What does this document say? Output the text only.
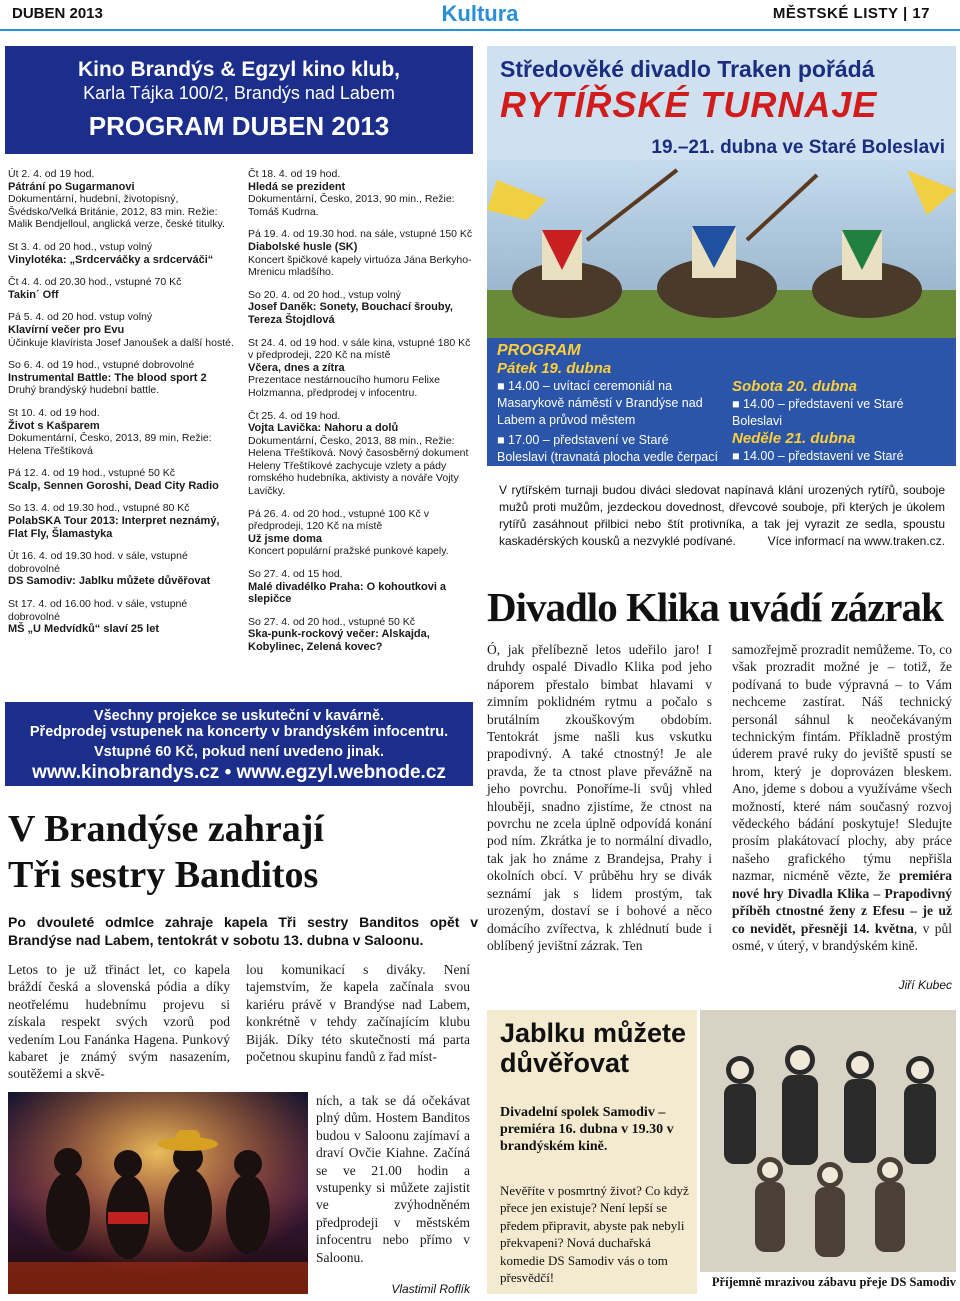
DUBEN 2013	Kultura	MĚSTSKÉ LISTY | 17
Kino Brandýs & Egzyl kino klub,
Karla Tájka 100/2, Brandýs nad Labem
PROGRAM DUBEN 2013
Út 2. 4. od 19 hod.
Pátrání po Sugarmanovi
Dokumentární, hudební, životopisný, Švédsko/Velká Británie, 2012, 83 min. Režie: Malik Bendjelloul, anglická verze, české titulky.
St 3. 4. od 20 hod., vstup volný
Vinylotéka: „Srdcerváčky a srdcerváči“
Čt 4. 4. od 20.30 hod., vstupné 70 Kč
Takin´ Off
Pá 5. 4. od 20 hod. vstup volný
Klavírní večer pro Evu
Účinkuje klavírista Josef Janoušek a další hosté.
So 6. 4. od 19 hod., vstupné dobrovolné
Instrumental Battle: The blood sport 2
Druhý brandýský hudební battle.
St 10. 4. od 19 hod.
Život s Kašparem
Dokumentární, Česko, 2013, 89 min, Režie: Helena Třeštíková
Pá 12. 4. od 19 hod., vstupné 50 Kč
Scalp, Sennen Goroshi, Dead City Radio
So 13. 4. od 19.30 hod., vstupné 80 Kč
PolabSKA Tour 2013: Interpret neznámý, Flat Fly, Šlamastyka
Út 16. 4. od 19.30 hod. v sále, vstupné dobrovolné
DS Samodiv: Jablku můžete důvěřovat
St 17. 4. od 16.00 hod. v sále, vstupné dobrovolné
MŠ „U Medvídků“ slaví 25 let
Čt 18. 4. od 19 hod.
Hledá se prezident
Dokumentární, Česko, 2013, 90 min., Režie: Tomáš Kudrna.
Pá 19. 4. od 19.30 hod. na sále, vstupné 150 Kč
Diabolské husle (SK)
Koncert špičkové kapely virtuóza Jána Berkyho-Mrenicu mladšího.
So 20. 4. od 20 hod., vstup volný
Josef Daněk: Sonety, Bouchací šrouby, Tereza Štojdlová
St 24. 4. od 19 hod. v sále kina, vstupné 180 Kč v předprodeji, 220 Kč na místě
Včera, dnes a zítra
Prezentace nestárnoucího humoru Felixe Holzmanna, předprodej v infocentru.
Čt 25. 4. od 19 hod.
Vojta Lavička: Nahoru a dolů
Dokumentární, Česko, 2013, 88 min., Režie: Helena Třeštíková. Nový časosběrný dokument Heleny Třeštíkové zachycuje vzlety a pády romského hudebníka, aktivisty a nováře Vojty Lavičky.
Pá 26. 4. od 20 hod., vstupné 100 Kč v předprodeji, 120 Kč na místě
Už jsme doma
Koncert populární pražské punkové kapely.
So 27. 4. od 15 hod.
Malé divadélko Praha: O kohoutkovi a slepičce
So 27. 4. od 20 hod., vstupné 50 Kč
Ska-punk-rockový večer: Alskajda, Kobylinec, Zelená kovec?
Všechny projekce se uskuteční v kavárně.
Předprodej vstupenek na koncerty v brandýském infocentru.
Vstupné 60 Kč, pokud není uvedeno jinak.
www.kinobrandys.cz • www.egzyl.webnode.cz
V Brandýse zahrají
Tři sestry Banditos
Po dvouleté odmlce zahraje kapela Tři sestry Banditos opět v Brandýse nad Labem, tentokrát v sobotu 13. dubna v Saloonu.
Letos to je už třináct let, co kapela bráždí česká a slovenská pódia a díky neotřelému hudebnímu projevu si získala respekt svých vzorů pod vedením Lou Fanánka Hagena. Punkový kabaret je známý svým nasazením, soutěžemi a skvě-
lou komunikací s diváky. Není tajemstvím, že kapela začínala svou kariéru právě v Brandýse nad Labem, konkrétně v tehdy začínajícím klubu Biják. Díky této skutečnosti má parta početnou skupinu fandů z řad míst-
ních, a tak se dá očekávat plný dům. Hostem Banditos budou v Saloonu zajímaví a draví Ovčie Kiahne. Začíná se ve 21.00 hodin a vstupenky si můžete zajistit ve zvýhodněném předprodeji v městském infocentru nebo přímo v Saloonu.
Vlastimil Roflík
Středověké divadlo Traken pořádá
RYTÍŘSKÉ TURNAJE
19.–21. dubna ve Staré Boleslavi
PROGRAM
Pátek 19. dubna
■ 14.00 – uvítací ceremoniál na Masarykově náměstí v Brandýse nad Labem a průvod městem
■ 17.00 – představení ve Staré Boleslavi (travnatá plocha vedle čerpací stanice)
Sobota 20. dubna
■ 14.00 – představení ve Staré Boleslavi
Neděle 21. dubna
■ 14.00 – představení ve Staré Boleslavi
V rytířském turnaji budou diváci sledovat napínavá klání urozených rytířů, souboje mužů proti mužům, jezdeckou dovednost, dřevcové souboje, při kterých je úkolem rytířů zasáhnout přilbici nebo štít protivníka, a tak jej vyrazit ze sedla, spoustu kaskadérských kousků a nezvyklé podívané.	Více informací na www.traken.cz.
Divadlo Klika uvádí zázrak
Ó, jak přelíbezně letos udeřilo jaro! I druhdy ospalé Divadlo Klika pod jeho náporem přestalo bimbat hlavami v zimním poklidném rytmu a počalo s brutálním zkouškovým obdobím. Tentokrát jsme našli kus vskutku prapodivný. A také ctnostný! Je ale pravda, že ta ctnost plave převážně na jeho povrchu. Ponoříme-li svůj vhled hlouběji, snadno zjistíme, že ctnost na povrchu ne zcela úplně odpovídá konání pod ním. Zkrátka je to normální divadlo, tak jak ho známe z Brandejsa, Prahy i okolních obcí. V průběhu hry se divák seznámí jak s lidem prostým, tak urozeným, dostaví se i bohové a něco domácího zvířectva, k zhlédnutí bude i oblíbený jevištní zázrak. Ten
samozřejmě prozradit nemůžeme. To, co však prozradit možné je – totiž, že podívaná to bude výpravná – to Vám nechceme zastírat. Náš technický personál sáhnul k neočekávaným technickým fintám. Příkladně prostým úderem pravé ruky do jeviště spustí se hrom, který je doprovázen bleskem. Ano, jdeme s dobou a využíváme všech možností, které nám současný rozvoj vědeckého bádání poskytuje! Sledujte prosím plakátovací plochy, aby práce našeho grafického týmu nepřišla nazmar, nicméně vězte, že premiéra nové hry Divadla Klika – Prapodivný příběh ctnostné ženy z Efesu – je už co nevidět, přesněji 14. května, v půl osmé, v úterý, v brandýském kině.
Jiří Kubec
Jablku můžete důvěřovat
Divadelní spolek Samodiv – premiéra 16. dubna v 19.30 v brandýském kině.
Nevěříte v posmrtný život? Co když přece jen existuje? Není lepší se předem připravit, abyste pak nebyli překvapeni? Nová duchařská komedie DS Samodiv vás o tom přesvědčí!	Příjemně mrazivou zábavu přeje DS Samodiv
